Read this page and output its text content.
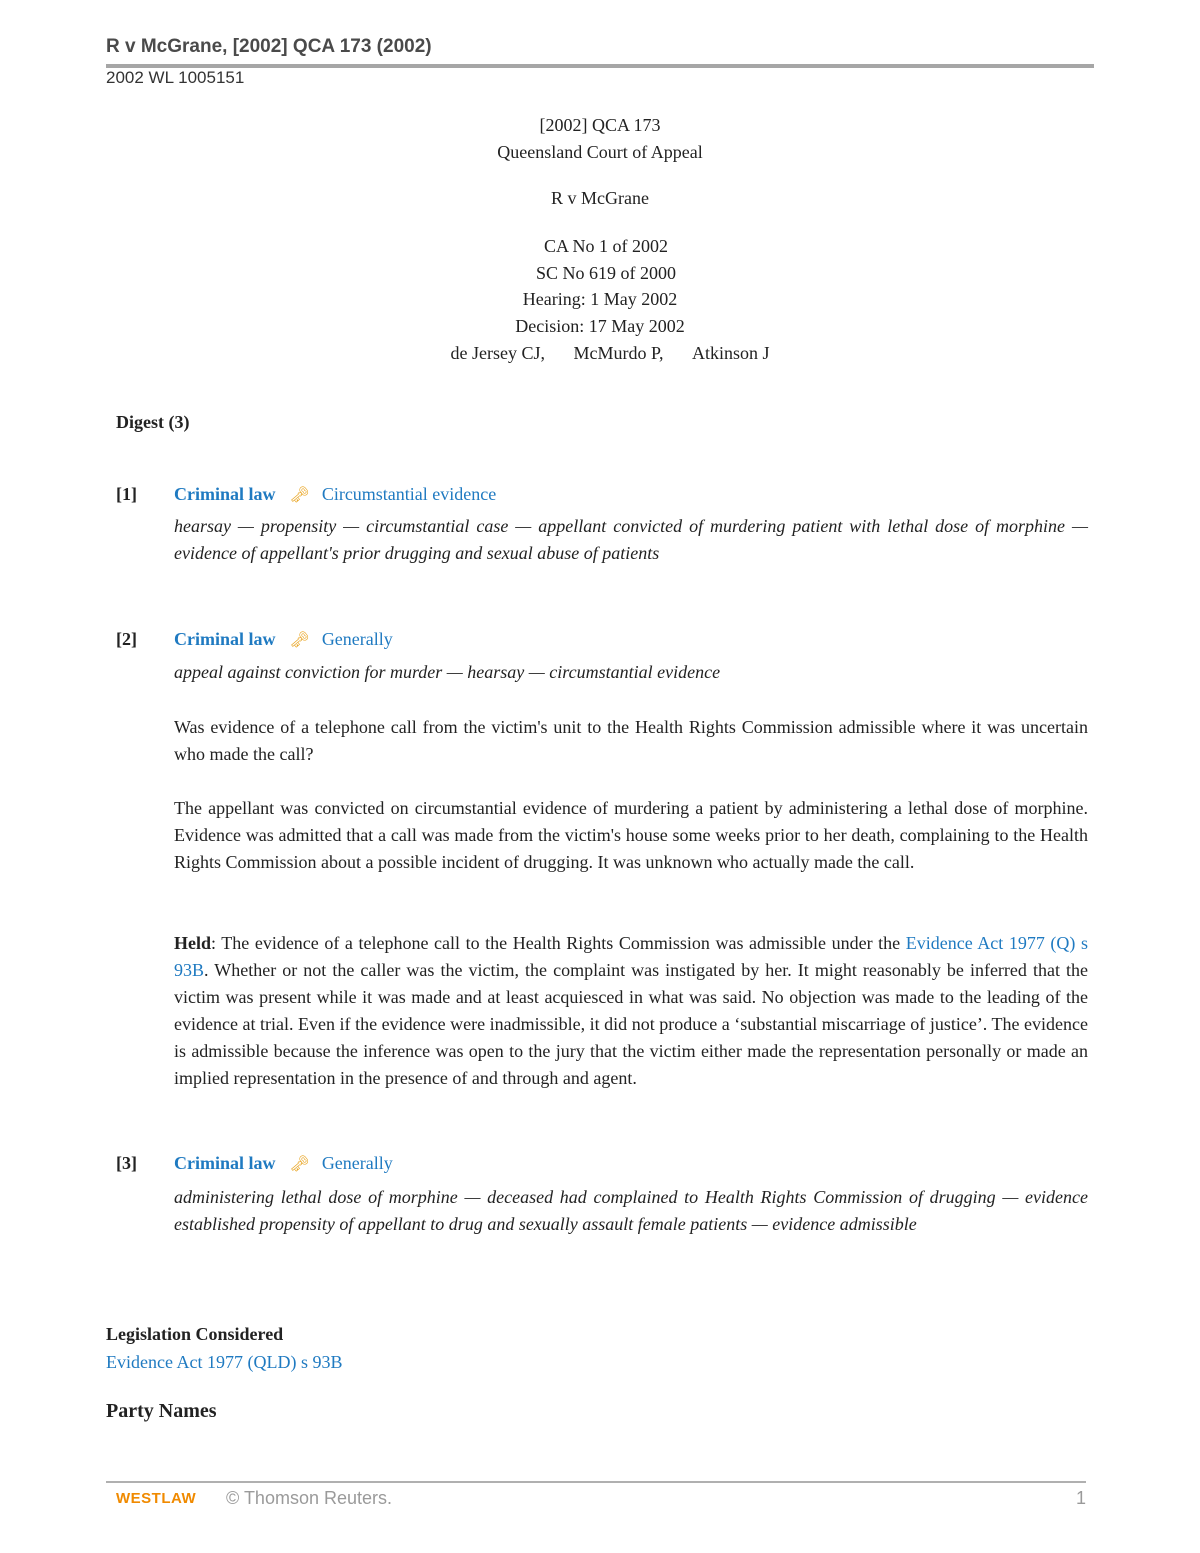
R v McGrane, [2002] QCA 173 (2002)
2002 WL 1005151
[2002] QCA 173
Queensland Court of Appeal
R v McGrane
CA No 1 of 2002
SC No 619 of 2000
Hearing: 1 May 2002
Decision: 17 May 2002
de Jersey CJ, McMurdo P, Atkinson J
Digest (3)
[1] Criminal law 🗝 Circumstantial evidence
hearsay — propensity — circumstantial case — appellant convicted of murdering patient with lethal dose of morphine — evidence of appellant's prior drugging and sexual abuse of patients
[2] Criminal law 🗝 Generally
appeal against conviction for murder — hearsay — circumstantial evidence
Was evidence of a telephone call from the victim's unit to the Health Rights Commission admissible where it was uncertain who made the call?
The appellant was convicted on circumstantial evidence of murdering a patient by administering a lethal dose of morphine. Evidence was admitted that a call was made from the victim's house some weeks prior to her death, complaining to the Health Rights Commission about a possible incident of drugging. It was unknown who actually made the call.
Held: The evidence of a telephone call to the Health Rights Commission was admissible under the Evidence Act 1977 (Q) s 93B. Whether or not the caller was the victim, the complaint was instigated by her. It might reasonably be inferred that the victim was present while it was made and at least acquiesced in what was said. No objection was made to the leading of the evidence at trial. Even if the evidence were inadmissible, it did not produce a ‘substantial miscarriage of justice’. The evidence is admissible because the inference was open to the jury that the victim either made the representation personally or made an implied representation in the presence of and through and agent.
[3] Criminal law 🗝 Generally
administering lethal dose of morphine — deceased had complained to Health Rights Commission of drugging — evidence established propensity of appellant to drug and sexually assault female patients — evidence admissible
Legislation Considered
Evidence Act 1977 (QLD) s 93B
Party Names
WESTLAW © Thomson Reuters.	1
